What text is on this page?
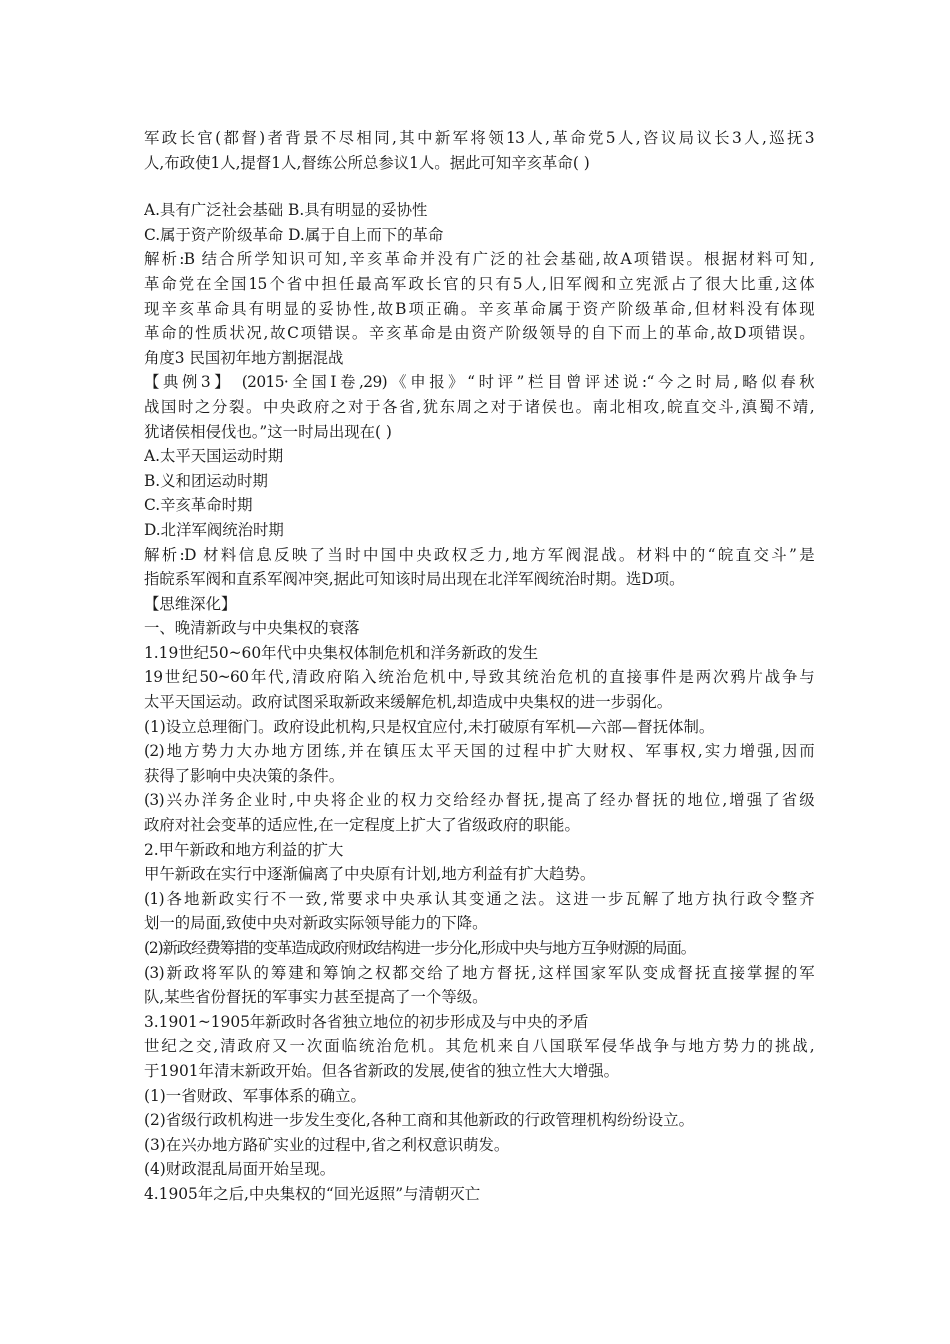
军政长官(都督)者背景不尽相同,其中新军将领13人,革命党5人,咨议局议长3人,巡抚3
人,布政使1人,提督1人,督练公所总参议1人。据此可知辛亥革命( )
A.具有广泛社会基础 B.具有明显的妥协性
C.属于资产阶级革命 D.属于自上而下的革命
解析:B 结合所学知识可知,辛亥革命并没有广泛的社会基础,故A项错误。根据材料可知,
革命党在全国15个省中担任最高军政长官的只有5人,旧军阀和立宪派占了很大比重,这体
现辛亥革命具有明显的妥协性,故B项正确。辛亥革命属于资产阶级革命,但材料没有体现
革命的性质状况,故C项错误。辛亥革命是由资产阶级领导的自下而上的革命,故D项错误。
角度3 民国初年地方割据混战
【典例3】 (2015·全国Ⅰ卷,29)《申报》“时评”栏目曾评述说:“今之时局,略似春秋
战国时之分裂。中央政府之对于各省,犹东周之对于诸侯也。南北相攻,皖直交斗,滇蜀不靖,
犹诸侯相侵伐也。”这一时局出现在( )
A.太平天国运动时期
B.义和团运动时期
C.辛亥革命时期
D.北洋军阀统治时期
解析:D 材料信息反映了当时中国中央政权乏力,地方军阀混战。材料中的“皖直交斗”是
指皖系军阀和直系军阀冲突,据此可知该时局出现在北洋军阀统治时期。选D项。
【思维深化】
一、晚清新政与中央集权的衰落
1.19世纪50~60年代中央集权体制危机和洋务新政的发生
19世纪50~60年代,清政府陷入统治危机中,导致其统治危机的直接事件是两次鸦片战争与
太平天国运动。政府试图采取新政来缓解危机,却造成中央集权的进一步弱化。
(1)设立总理衙门。政府设此机构,只是权宜应付,未打破原有军机—六部—督抚体制。
(2)地方势力大办地方团练,并在镇压太平天国的过程中扩大财权、军事权,实力增强,因而
获得了影响中央决策的条件。
(3)兴办洋务企业时,中央将企业的权力交给经办督抚,提高了经办督抚的地位,增强了省级
政府对社会变革的适应性,在一定程度上扩大了省级政府的职能。
2.甲午新政和地方利益的扩大
甲午新政在实行中逐渐偏离了中央原有计划,地方利益有扩大趋势。
(1)各地新政实行不一致,常要求中央承认其变通之法。这进一步瓦解了地方执行政令整齐
划一的局面,致使中央对新政实际领导能力的下降。
(2)新政经费筹措的变革造成政府财政结构进一步分化,形成中央与地方互争财源的局面。
(3)新政将军队的筹建和筹饷之权都交给了地方督抚,这样国家军队变成督抚直接掌握的军
队,某些省份督抚的军事实力甚至提高了一个等级。
3.1901~1905年新政时各省独立地位的初步形成及与中央的矛盾
世纪之交,清政府又一次面临统治危机。其危机来自八国联军侵华战争与地方势力的挑战,
于1901年清末新政开始。但各省新政的发展,使省的独立性大大增强。
(1)一省财政、军事体系的确立。
(2)省级行政机构进一步发生变化,各种工商和其他新政的行政管理机构纷纷设立。
(3)在兴办地方路矿实业的过程中,省之利权意识萌发。
(4)财政混乱局面开始呈现。
4.1905年之后,中央集权的“回光返照”与清朝灭亡
